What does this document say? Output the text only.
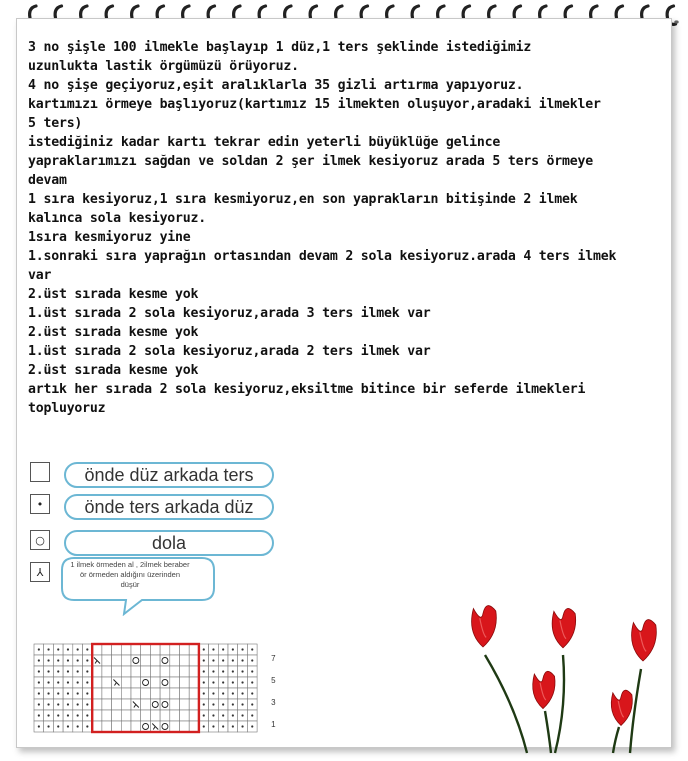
3 no şişle 100 ilmekle başlayıp 1 düz,1 ters şeklinde istediğimiz
uzunlukta lastik örgümüzü örüyoruz.
4 no şişe geçiyoruz,eşit aralıklarla 35 gizli artırma yapıyoruz.
kartımızı örmeye başlıyoruz(kartımız 15 ilmekten oluşuyor,aradaki ilmekler
5 ters)
istediğiniz kadar kartı tekrar edin yeterli büyüklüğe gelince
yapraklarımızı sağdan ve soldan 2 şer ilmek kesiyoruz arada 5 ters örmeye
devam
1 sıra kesiyoruz,1 sıra kesmiyoruz,en son yaprakların bitişinde 2 ilmek
kalınca sola kesiyoruz.
1sıra kesmiyoruz yine
1.sonraki sıra yaprağın ortasından devam 2 sola kesiyoruz.arada 4 ters ilmek
var
2.üst sırada kesme yok
1.üst sırada 2 sola kesiyoruz,arada 3 ters ilmek var
2.üst sırada kesme yok
1.üst sırada 2 sola kesiyoruz,arada 2 ters ilmek var
2.üst sırada kesme yok
artık her sırada 2 sola kesiyoruz,eksiltme bitince bir seferde ilmekleri
topluyoruz
önde düz arkada ters
•	önde ters arkada düz
○	dola
⅄
1 ilmek örmeden al , 2ilmek beraber ör örmeden aldığını üzerinden düşür
7
5
3
1
